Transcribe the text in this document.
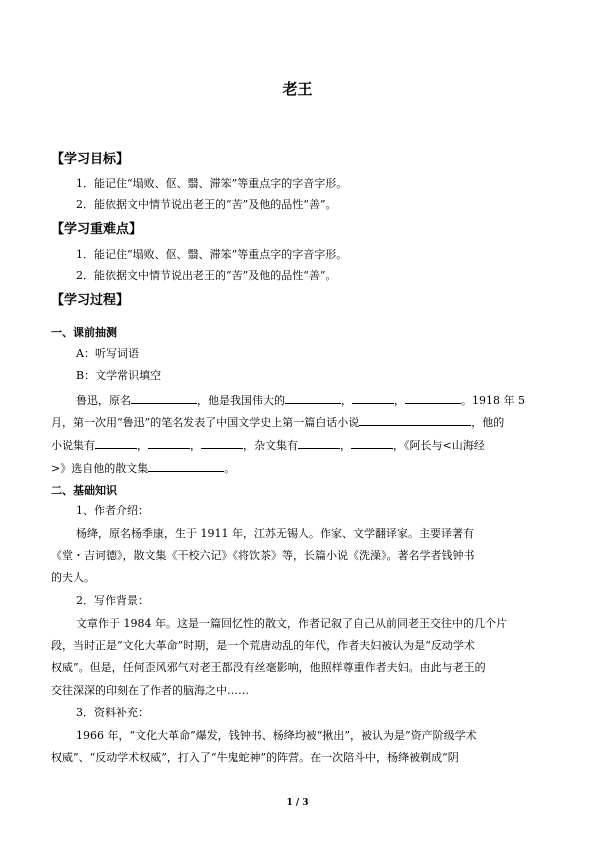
老王
【学习目标】
1．能记住“塌败、伛、翳、滞笨”等重点字的字音字形。
2．能依据文中情节说出老王的“苦”及他的品性“善”。
【学习重难点】
1．能记住“塌败、伛、翳、滞笨”等重点字的字音字形。
2．能依据文中情节说出老王的“苦”及他的品性“善”。
【学习过程】
一、课前抽测
A：听写词语
B：文学常识填空
鲁迅，原名	，他是我国伟大的	，	，	。1918 年 5
月，第一次用“鲁迅”的笔名发表了中国文学史上第一篇白话小说	，他的
小说集有	，	，	，杂文集有	，	，《阿长与<山海经
>》选自他的散文集	。
二、基础知识
1、作者介绍：
杨绛，原名杨季康，生于 1911 年，江苏无锡人。作家、文学翻译家。主要译著有
《堂・吉诃德》，散文集《干校六记》《将饮茶》等，长篇小说《洗澡》。著名学者钱钟书
的夫人。
2．写作背景：
文章作于 1984 年。这是一篇回忆性的散文，作者记叙了自己从前同老王交往中的几个片
段，当时正是“文化大革命”时期，是一个荒唐动乱的年代，作者夫妇被认为是“反动学术
权威”。但是，任何歪风邪气对老王都没有丝毫影响，他照样尊重作者夫妇。由此与老王的
交往深深的印刻在了作者的脑海之中……
3．资料补充：
1966 年，“文化大革命”爆发，钱钟书、杨绛均被“揪出”，被认为是“资产阶级学术
权威”、“反动学术权威”，打入了“牛鬼蛇神”的阵营。在一次陪斗中，杨绛被剃成“阴
1 / 3
